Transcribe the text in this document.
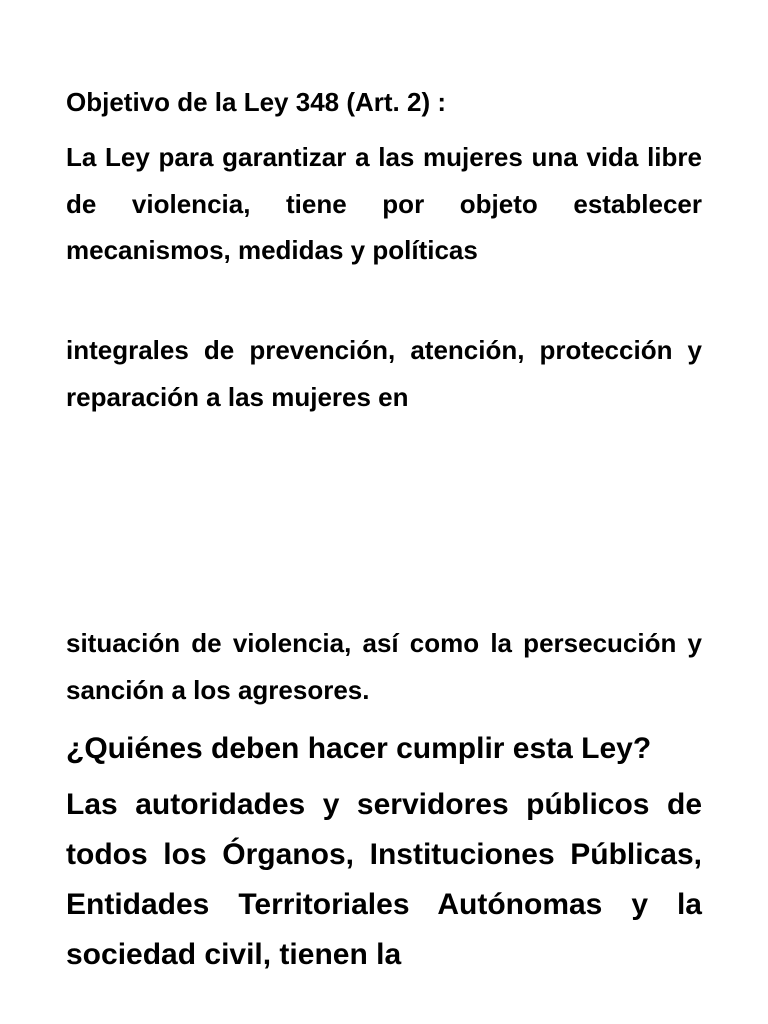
Objetivo de la Ley 348 (Art. 2) :

La Ley para garantizar a las mujeres una vida libre de violencia, tiene por objeto establecer mecanismos, medidas y políticas

integrales de prevención, atención, protección y reparación a las mujeres en

situación de violencia, así como la persecución y sanción a los agresores.

¿Quiénes deben hacer cumplir esta Ley?

Las autoridades y servidores públicos de todos los Órganos, Instituciones Públicas, Entidades Territoriales Autónomas y la sociedad civil, tienen la
